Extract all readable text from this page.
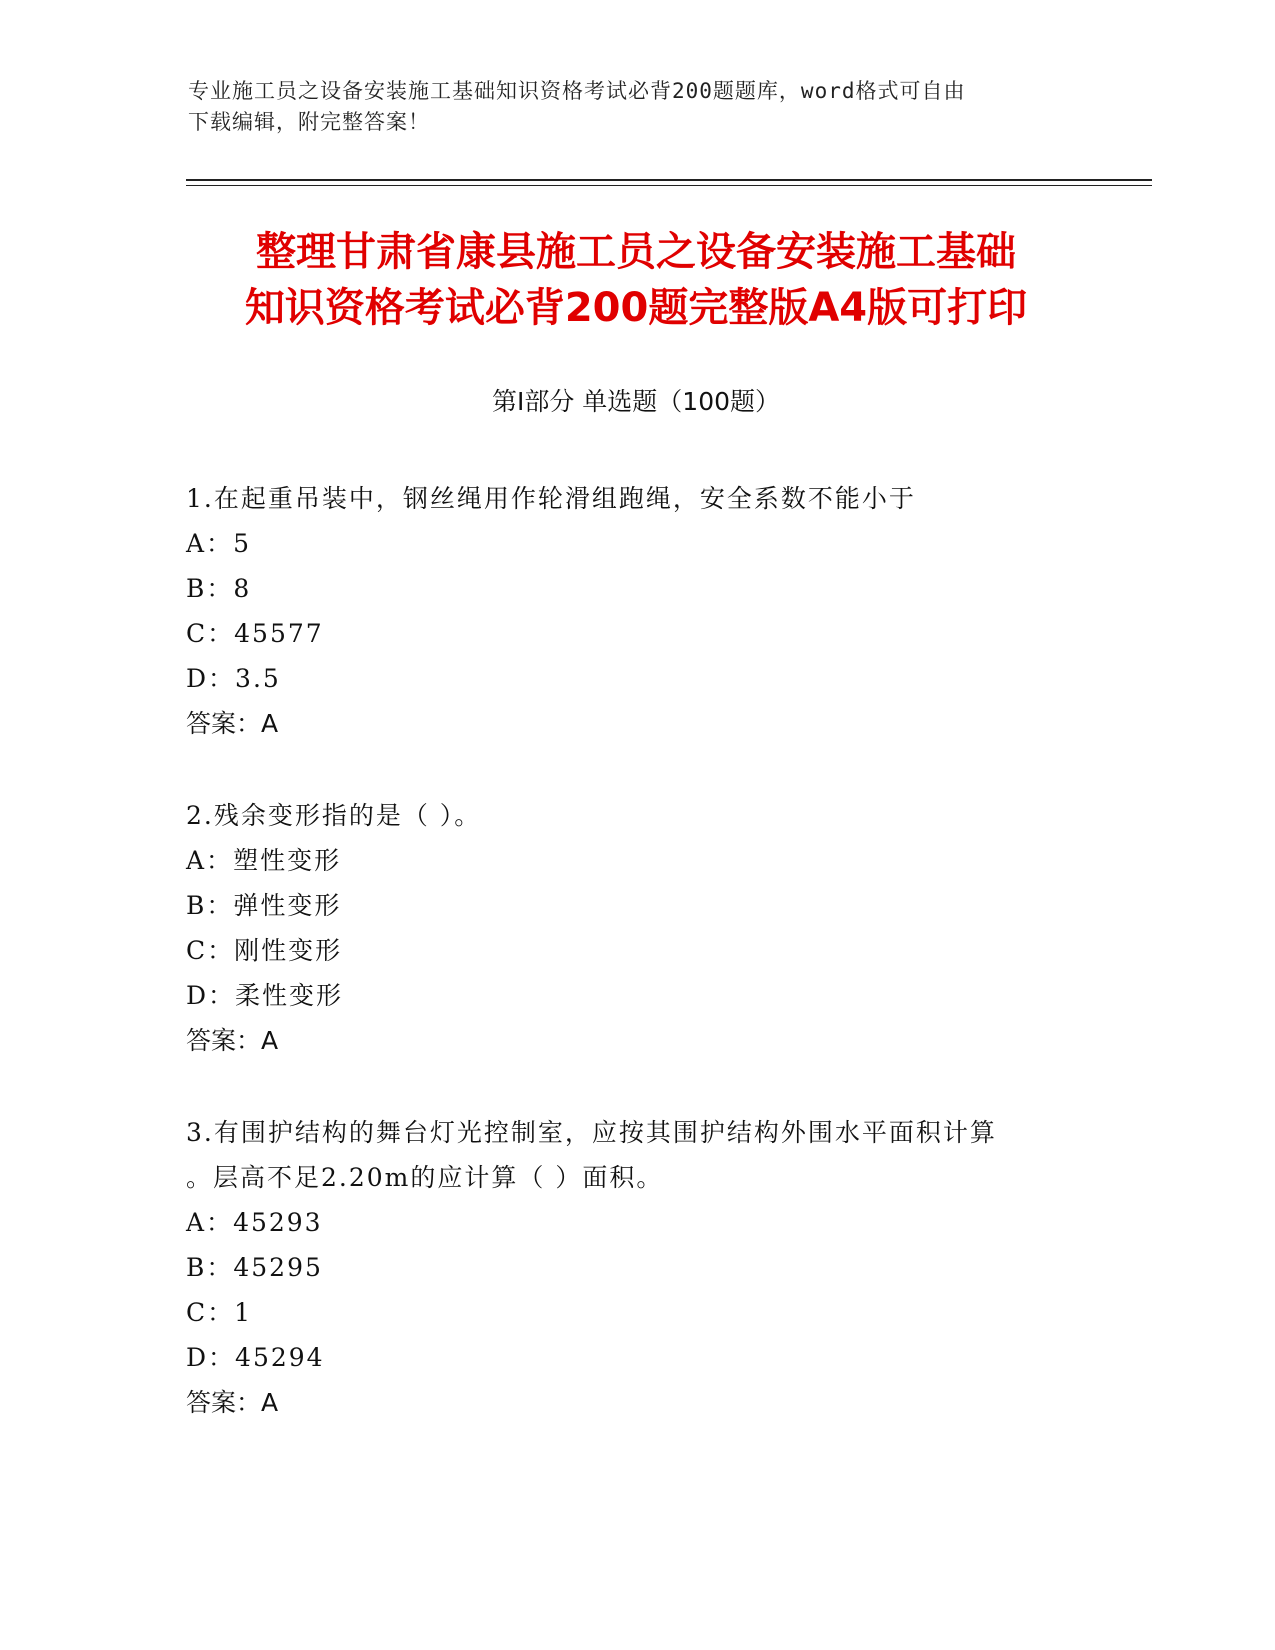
专业施工员之设备安装施工基础知识资格考试必背200题题库，word格式可自由
下载编辑，附完整答案！
整理甘肃省康县施工员之设备安装施工基础
知识资格考试必背200题完整版A4版可打印
第Ⅰ部分 单选题（100题）

1.在起重吊装中，钢丝绳用作轮滑组跑绳，安全系数不能小于

A：5
B：8
C：45577
D：3.5

答案：A

2.残余变形指的是（ ）。

A：塑性变形
B：弹性变形
C：刚性变形
D：柔性变形

答案：A

3.有围护结构的舞台灯光控制室，应按其围护结构外围水平面积计算

。层高不足2.20m的应计算（ ）面积。

A：45293
B：45295
C：1
D：45294

答案：A
